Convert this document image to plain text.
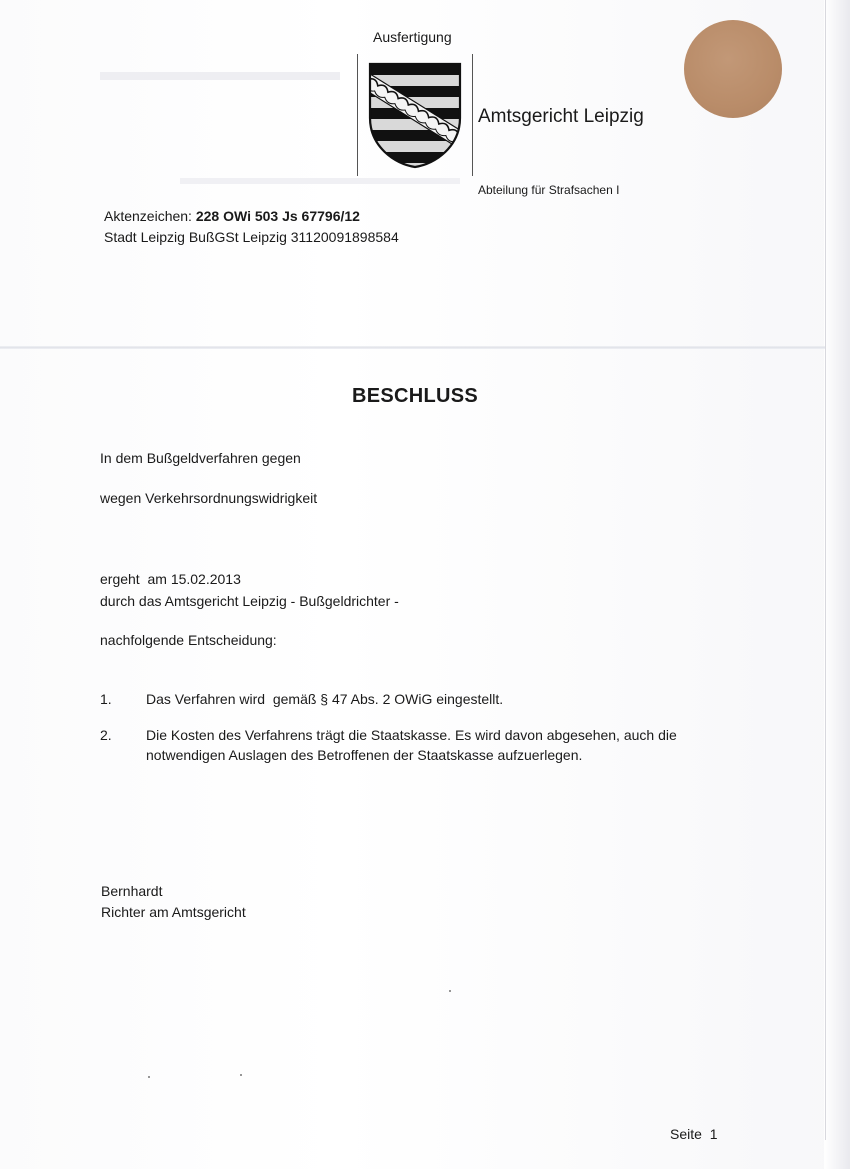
Ausfertigung
Amtsgericht Leipzig
Abteilung für Strafsachen I
Aktenzeichen: 228 OWi 503 Js 67796/12
Stadt Leipzig BußGSt Leipzig 31120091898584
BESCHLUSS
In dem Bußgeldverfahren gegen
wegen Verkehrsordnungswidrigkeit
ergeht  am 15.02.2013
durch das Amtsgericht Leipzig - Bußgeldrichter -
nachfolgende Entscheidung:
1. Das Verfahren wird  gemäß § 47 Abs. 2 OWiG eingestellt.
2. Die Kosten des Verfahrens trägt die Staatskasse. Es wird davon abgesehen, auch die
notwendigen Auslagen des Betroffenen der Staatskasse aufzuerlegen.
Bernhardt
Richter am Amtsgericht
Seite  1
